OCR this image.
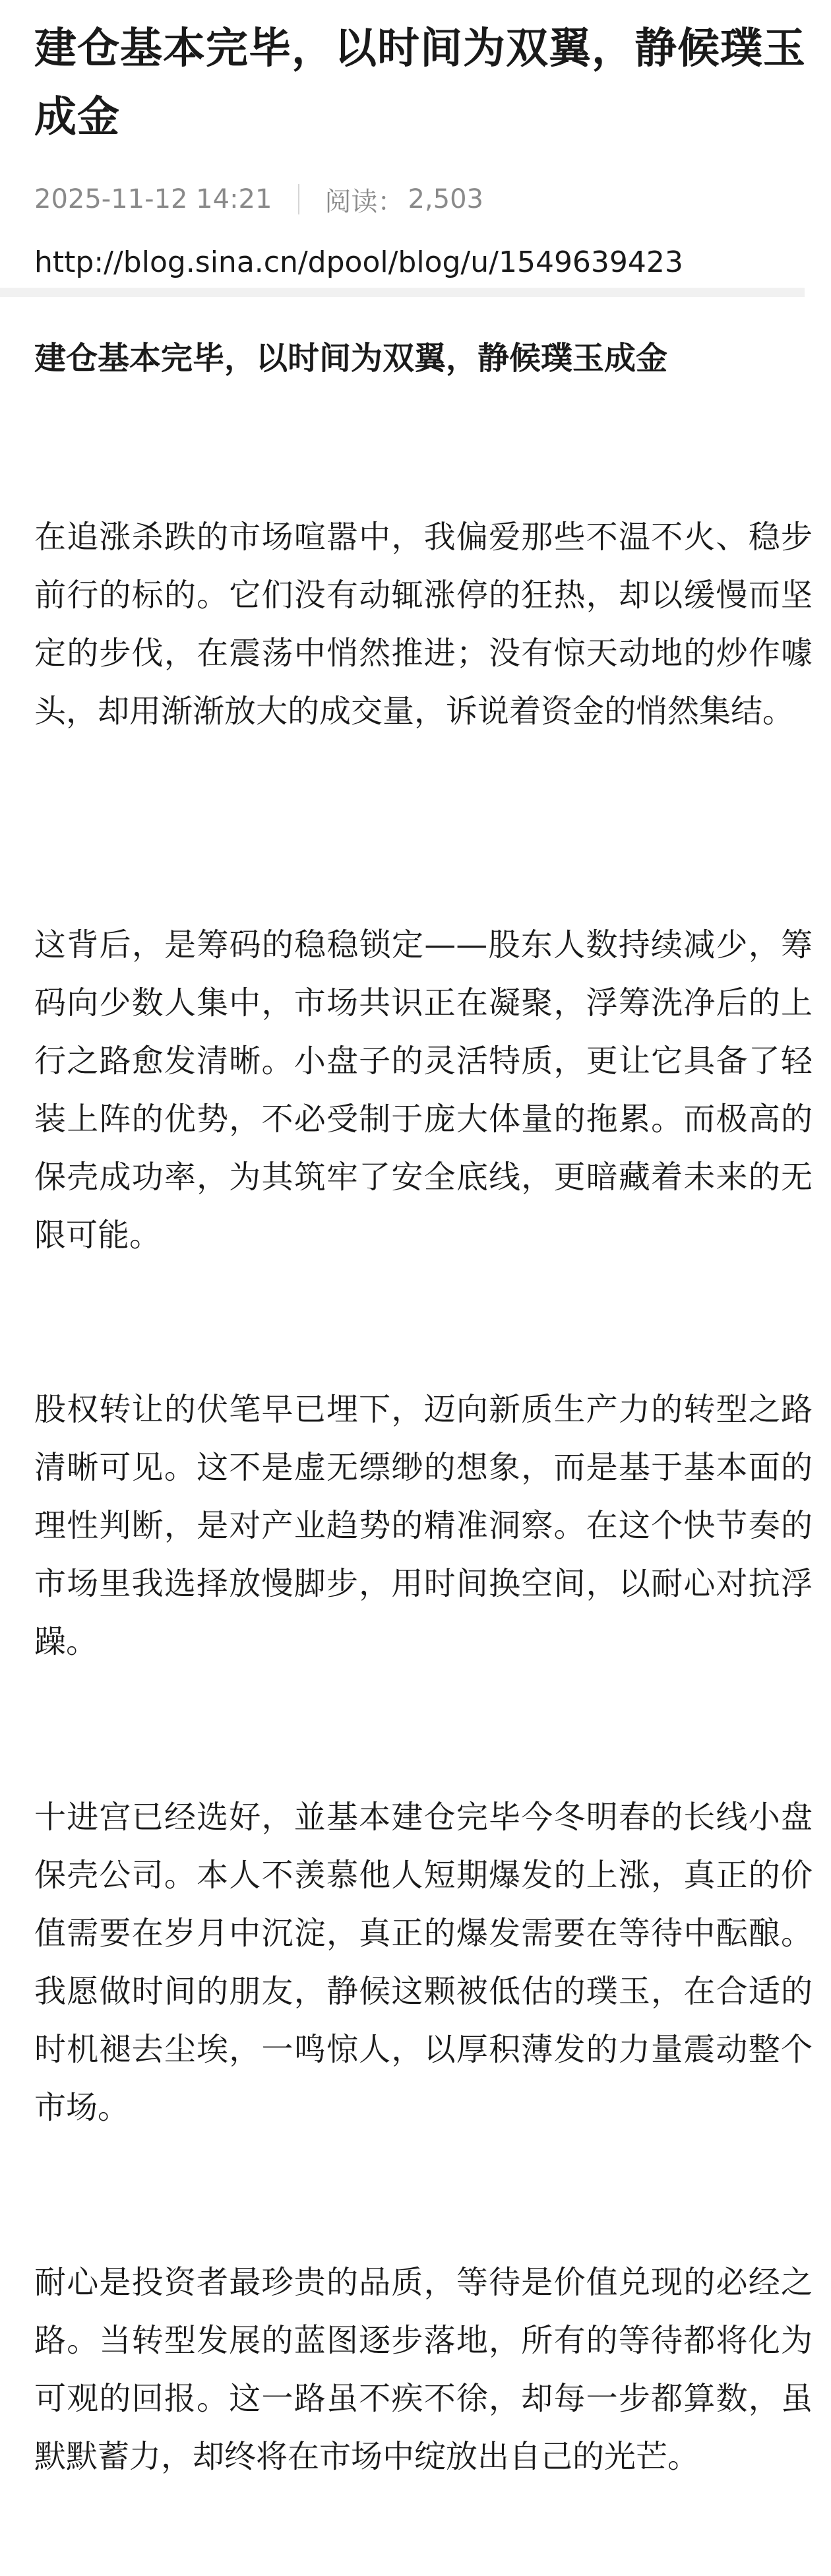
建仓基本完毕，以时间为双翼，静候璞玉成金
2025-11-12 14:21 阅读： 2,503
http://blog.sina.cn/dpool/blog/u/1549639423
建仓基本完毕，以时间为双翼，静候璞玉成金

在追涨杀跌的市场喧嚣中，我偏爱那些不温不火、稳步前行的标的。它们没有动辄涨停的狂热，却以缓慢而坚定的步伐，在震荡中悄然推进；没有惊天动地的炒作噱头，却用渐渐放大的成交量，诉说着资金的悄然集结。

这背后，是筹码的稳稳锁定——股东人数持续减少，筹码向少数人集中，市场共识正在凝聚，浮筹洗净后的上行之路愈发清晰。小盘子的灵活特质，更让它具备了轻装上阵的优势，不必受制于庞大体量的拖累。而极高的保壳成功率，为其筑牢了安全底线，更暗藏着未来的无限可能。

股权转让的伏笔早已埋下，迈向新质生产力的转型之路清晰可见。这不是虚无缥缈的想象，而是基于基本面的理性判断，是对产业趋势的精准洞察。在这个快节奏的市场里我选择放慢脚步，用时间换空间，以耐心对抗浮躁。

十进宫已经选好，並基本建仓完毕今冬明春的长线小盘保壳公司。本人不羡慕他人短期爆发的上涨，真正的价值需要在岁月中沉淀，真正的爆发需要在等待中酝酿。我愿做时间的朋友，静候这颗被低估的璞玉，在合适的时机褪去尘埃，一鸣惊人，以厚积薄发的力量震动整个市场。

耐心是投资者最珍贵的品质，等待是价值兑现的必经之路。当转型发展的蓝图逐步落地，所有的等待都将化为可观的回报。这一路虽不疾不徐，却每一步都算数，虽默默蓄力，却终将在市场中绽放出自己的光芒。
